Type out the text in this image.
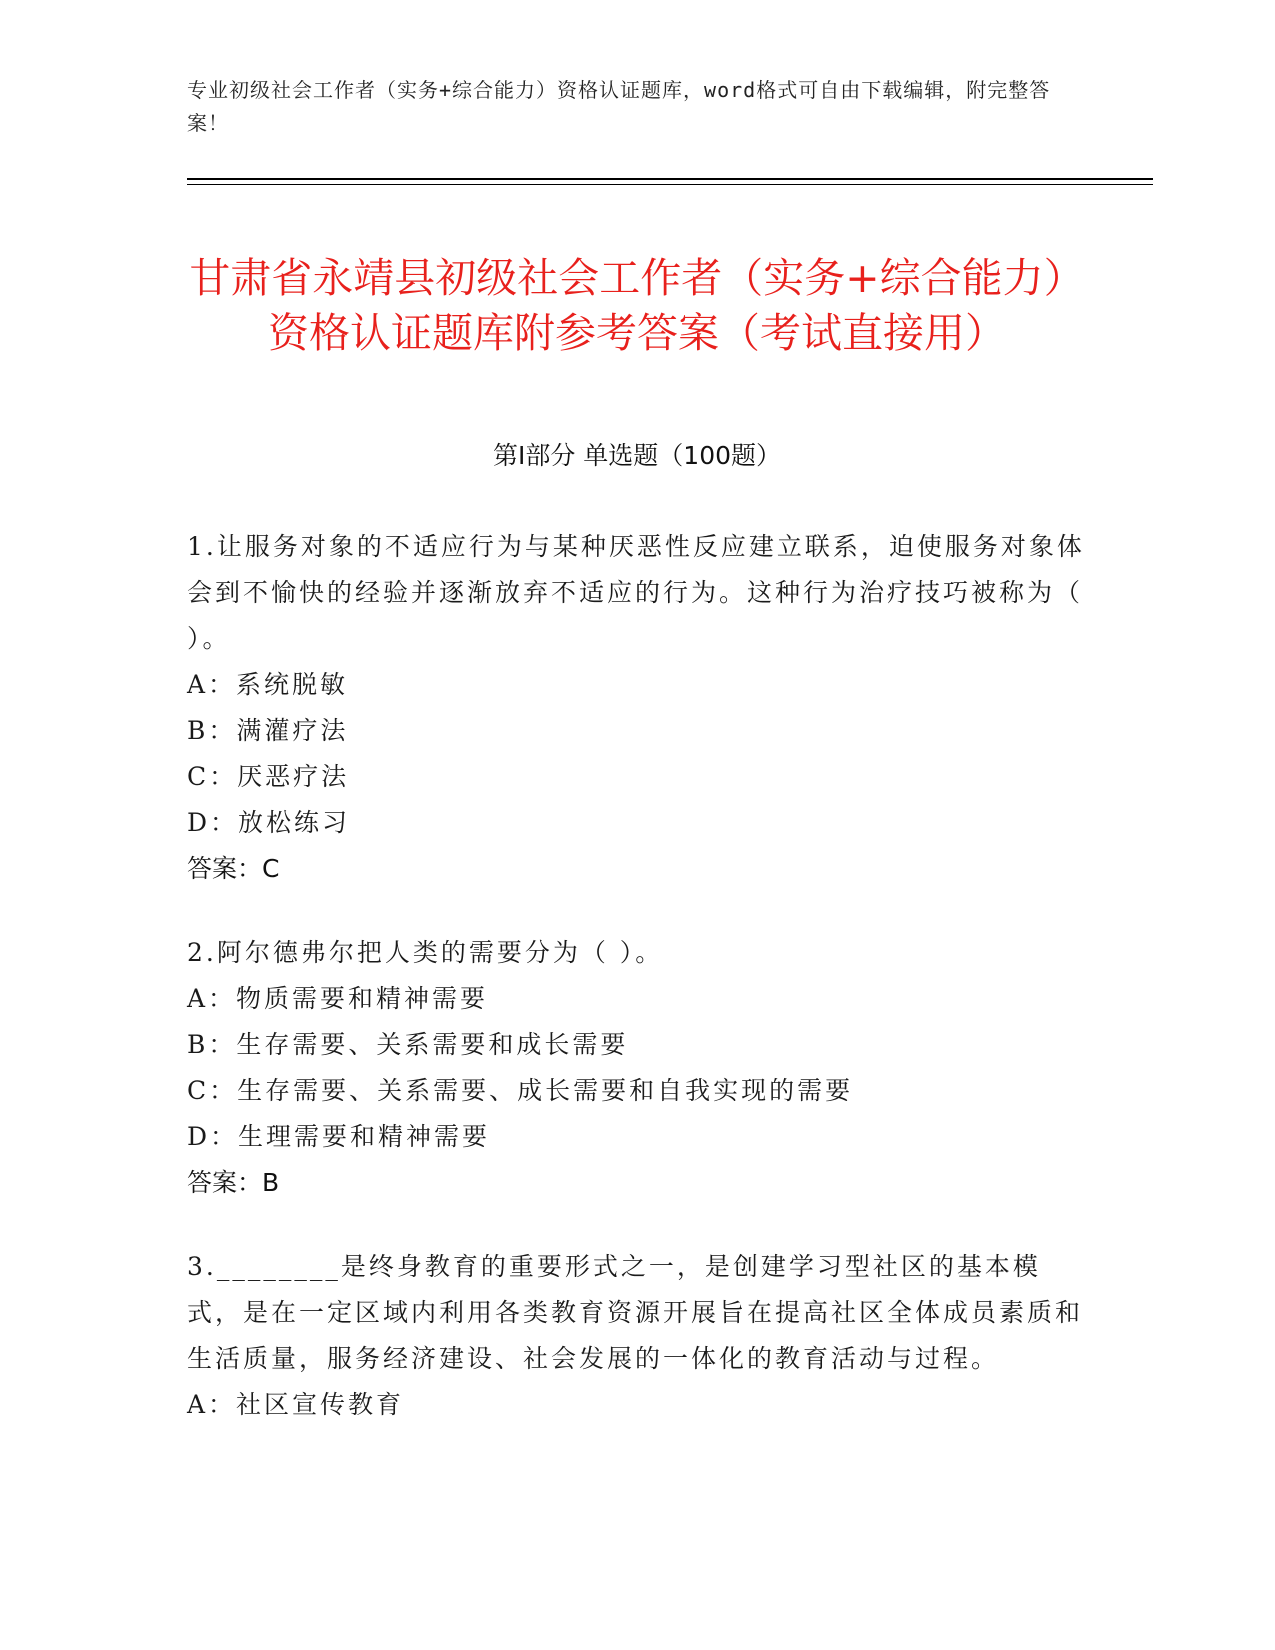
专业初级社会工作者（实务+综合能力）资格认证题库，word格式可自由下载编辑，附完整答案！
甘肃省永靖县初级社会工作者（实务+综合能力）资格认证题库附参考答案（考试直接用）
第I部分 单选题（100题）

1.让服务对象的不适应行为与某种厌恶性反应建立联系，迫使服务对象体会到不愉快的经验并逐渐放弃不适应的行为。这种行为治疗技巧被称为（ ）。

A：系统脱敏

B：满灌疗法

C：厌恶疗法

D：放松练习

答案：C

2.阿尔德弗尔把人类的需要分为（ ）。

A：物质需要和精神需要

B：生存需要、关系需要和成长需要

C：生存需要、关系需要、成长需要和自我实现的需要

D：生理需要和精神需要

答案：B

3.________是终身教育的重要形式之一，是创建学习型社区的基本模式，是在一定区域内利用各类教育资源开展旨在提高社区全体成员素质和生活质量，服务经济建设、社会发展的一体化的教育活动与过程。

A：社区宣传教育
